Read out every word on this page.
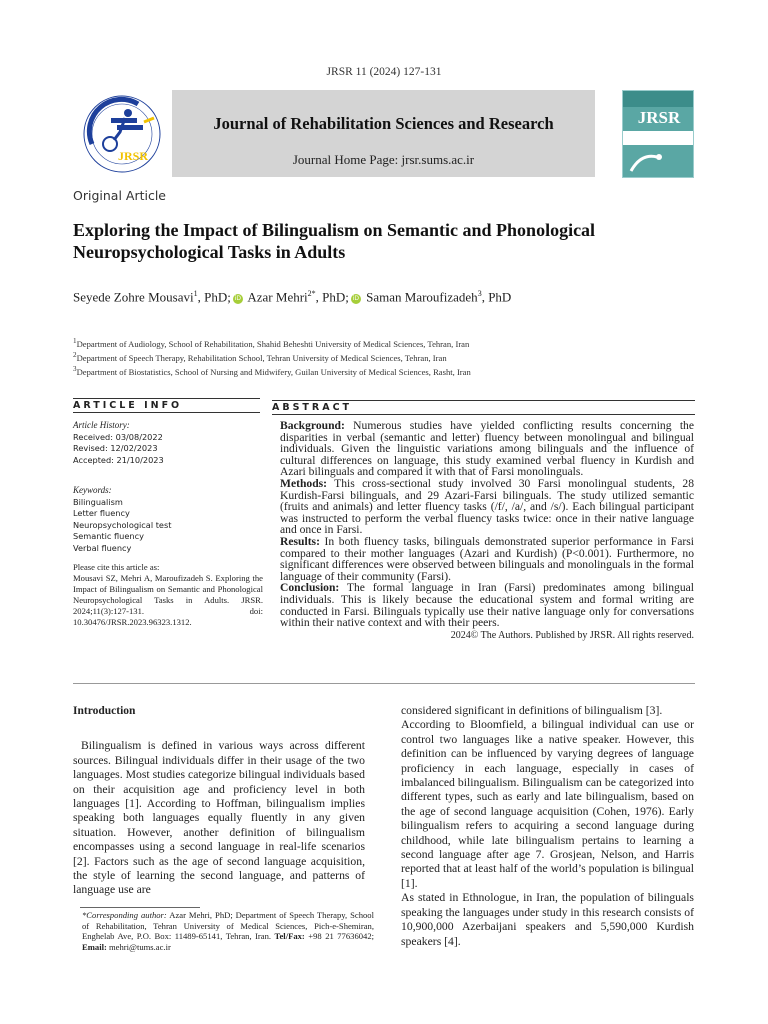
JRSR 11 (2024) 127-131
JRSR
Journal of Rehabilitation Sciences and Research
Journal Home Page: jrsr.sums.ac.ir
JRSR
Original Article
Exploring the Impact of Bilingualism on Semantic and Phonological Neuropsychological Tasks in Adults
Seyede Zohre Mousavi$^1$, PhD; iD Azar Mehri$^{2*}$, PhD; iD Saman Maroufizadeh$^3$, PhD
$^1$Department of Audiology, School of Rehabilitation, Shahid Beheshti University of Medical Sciences, Tehran, Iran
$^2$Department of Speech Therapy, Rehabilitation School, Tehran University of Medical Sciences, Tehran, Iran
$^3$Department of Biostatistics, School of Nursing and Midwifery, Guilan University of Medical Sciences, Rasht, Iran
ARTICLE INFO	ABSTRACT
Article History:
Received: 03/08/2022
Revised: 12/02/2023
Accepted: 21/10/2023
Keywords:
Bilingualism
Letter fluency
Neuropsychological test
Semantic fluency
Verbal fluency
Please cite this article as:
Mousavi SZ, Mehri A, Maroufizadeh S. Exploring the Impact of Bilingualism on Semantic and Phonological Neuropsychological Tasks in Adults. JRSR. 2024;11(3):127-131. doi: 10.30476/JRSR.2023.96323.1312.

Background: Numerous studies have yielded conflicting results concerning the disparities in verbal (semantic and letter) fluency between monolingual and bilingual individuals. Given the linguistic variations among bilinguals and the influence of cultural differences on language, this study examined verbal fluency in Kurdish and Azari bilinguals and compared it with that of Farsi monolinguals.

Methods: This cross-sectional study involved 30 Farsi monolingual students, 28 Kurdish-Farsi bilinguals, and 29 Azari-Farsi bilinguals. The study utilized semantic (fruits and animals) and letter fluency tasks (/f/, /a/, and /s/). Each bilingual participant was instructed to perform the verbal fluency tasks twice: once in their native language and once in Farsi.

Results: In both fluency tasks, bilinguals demonstrated superior performance in Farsi compared to their mother languages (Azari and Kurdish) (P<0.001). Furthermore, no significant differences were observed between bilinguals and monolinguals in the formal language of their community (Farsi).

Conclusion: The formal language in Iran (Farsi) predominates among bilingual individuals. This is likely because the educational system and formal writing are conducted in Farsi. Bilinguals typically use their native language only for conversations within their native context and with their peers.

2024© The Authors. Published by JRSR. All rights reserved.
Introduction

Bilingualism is defined in various ways across different sources. Bilingual individuals differ in their usage of the two languages. Most studies categorize bilingual individuals based on their acquisition age and proficiency level in both languages [1]. According to Hoffman, bilingualism implies speaking both languages equally fluently in any given situation. However, another definition of bilingualism encompasses using a second language in real-life scenarios [2]. Factors such as the age of second language acquisition, the style of learning the second language, and patterns of language use are

considered significant in definitions of bilingualism [3].

According to Bloomfield, a bilingual individual can use or control two languages like a native speaker. However, this definition can be influenced by varying degrees of language proficiency in each language, especially in cases of imbalanced bilingualism. Bilingualism can be categorized into different types, such as early and late bilingualism, based on the age of second language acquisition (Cohen, 1976). Early bilingualism refers to acquiring a second language during childhood, while late bilingualism pertains to learning a second language after age 7. Grosjean, Nelson, and Harris reported that at least half of the world’s population is bilingual [1].

As stated in Ethnologue, in Iran, the population of bilinguals speaking the languages under study in this research consists of 10,900,000 Azerbaijani speakers and 5,590,000 Kurdish speakers [4].

*Corresponding author: Azar Mehri, PhD; Department of Speech Therapy, School of Rehabilitation, Tehran University of Medical Sciences, Pich-e-Shemiran, Enghelab Ave, P.O. Box: 11489-65141, Tehran, Iran. Tel/Fax: +98 21 77636042; Email: mehri@tums.ac.ir
